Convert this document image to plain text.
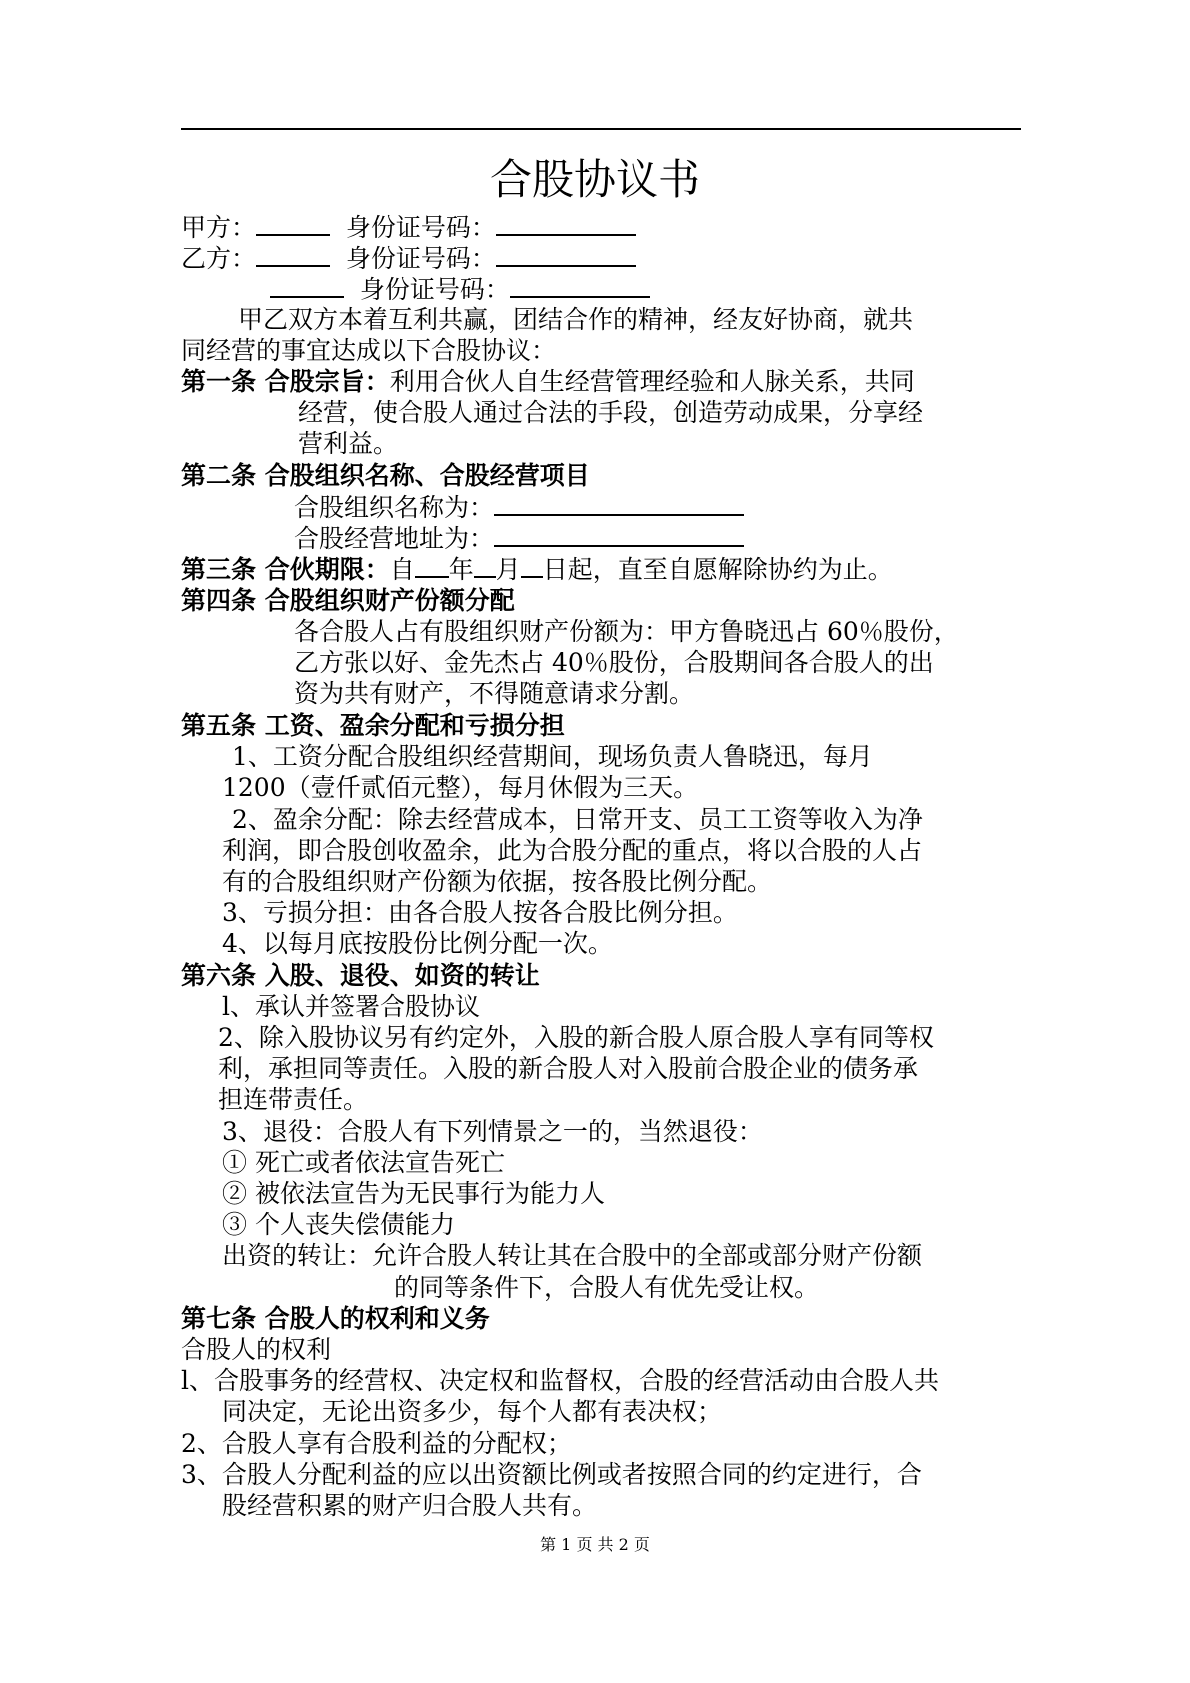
合股协议书
甲方：	身份证号码：
乙方：	身份证号码：
身份证号码：
甲乙双方本着互利共赢，团结合作的精神，经友好协商，就共
同经营的事宜达成以下合股协议：
第一条 合股宗旨：利用合伙人自生经营管理经验和人脉关系，共同
经营，使合股人通过合法的手段，创造劳动成果，分享经
营利益。
第二条 合股组织名称、合股经营项目
合股组织名称为：
合股经营地址为：
第三条 合伙期限：自 年 月 日起，直至自愿解除协约为止。
第四条 合股组织财产份额分配
各合股人占有股组织财产份额为：甲方鲁晓迅占 60％股份，
乙方张以好、金先杰占 40％股份，合股期间各合股人的出
资为共有财产，不得随意请求分割。
第五条 工资、盈余分配和亏损分担
1、工资分配合股组织经营期间，现场负责人鲁晓迅，每月
1200（壹仟贰佰元整），每月休假为三天。
2、盈余分配：除去经营成本，日常开支、员工工资等收入为净
利润，即合股创收盈余，此为合股分配的重点，将以合股的人占
有的合股组织财产份额为依据，按各股比例分配。
3、亏损分担：由各合股人按各合股比例分担。
4、以每月底按股份比例分配一次。
第六条 入股、退役、如资的转让
l、承认并签署合股协议
2、除入股协议另有约定外，入股的新合股人原合股人享有同等权
利，承担同等责任。入股的新合股人对入股前合股企业的债务承
担连带责任。
3、退役：合股人有下列情景之一的，当然退役：
① 死亡或者依法宣告死亡
② 被依法宣告为无民事行为能力人
③ 个人丧失偿债能力
出资的转让：允许合股人转让其在合股中的全部或部分财产份额
的同等条件下，合股人有优先受让权。
第七条 合股人的权利和义务
合股人的权利
l、合股事务的经营权、决定权和监督权，合股的经营活动由合股人共
同决定，无论出资多少，每个人都有表决权；
2、合股人享有合股利益的分配权；
3、合股人分配利益的应以出资额比例或者按照合同的约定进行，合
股经营积累的财产归合股人共有。
第 1 页 共 2 页
